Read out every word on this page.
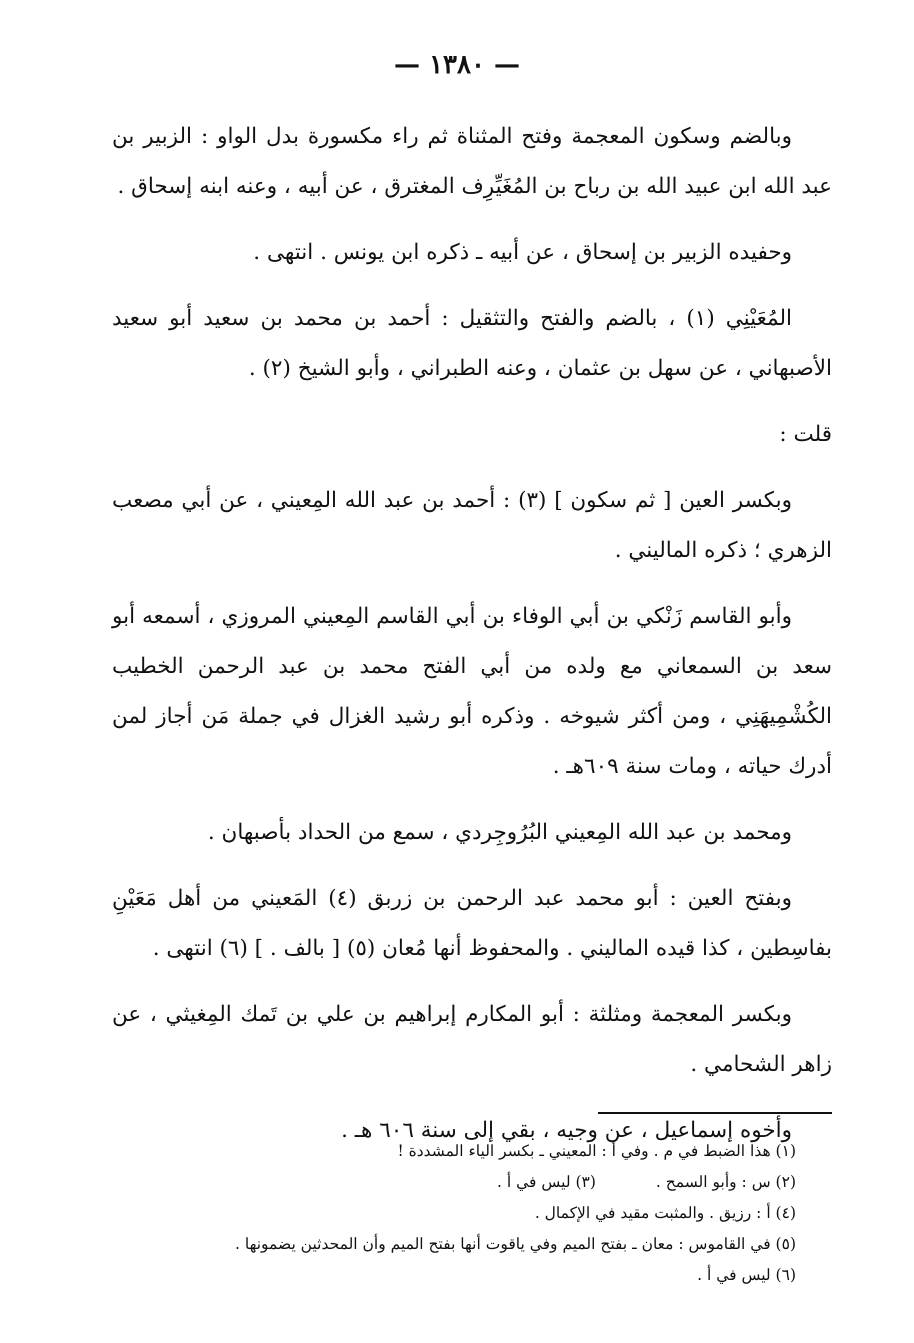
— ١٣٨٠ —

وبالضم وسكون المعجمة وفتح المثناة ثم راء مكسورة بدل الواو : الزبير بن عبد الله ابن عبيد الله بن رباح بن المُغَيِّرِف المغترق ، عن أبيه ، وعنه ابنه إسحاق .

وحفيده الزبير بن إسحاق ، عن أبيه ـ ذكره ابن يونس . انتهى .

المُعَيْنِي (١) ، بالضم والفتح والتثقيل : أحمد بن محمد بن سعيد أبو سعيد الأصبهاني ، عن سهل بن عثمان ، وعنه الطبراني ، وأبو الشيخ (٢) .

قلت :

وبكسر العين [ ثم سكون ] (٣) : أحمد بن عبد الله المِعيني ، عن أبي مصعب الزهري ؛ ذكره الماليني .

وأبو القاسم زَنْكي بن أبي الوفاء بن أبي القاسم المِعيني المروزي ، أسمعه أبو سعد بن السمعاني مع ولده من أبي الفتح محمد بن عبد الرحمن الخطيب الكُشْمِيهَنِي ، ومن أكثر شيوخه . وذكره أبو رشيد الغزال في جملة مَن أجاز لمن أدرك حياته ، ومات سنة ٦٠٩هـ .

ومحمد بن عبد الله المِعيني البُرُوجِردي ، سمع من الحداد بأصبهان .

وبفتح العين : أبو محمد عبد الرحمن بن زربق (٤) المَعيني من أهل مَعَيْنِ بفاسِطين ، كذا قيده الماليني . والمحفوظ أنها مُعان (٥) [ بالف . ] (٦) انتهى .

وبكسر المعجمة ومثلثة : أبو المكارم إبراهيم بن علي بن تَمك المِغيثي ، عن زاهر الشحامي .

وأخوه إسماعيل ، عن وجيه ، بقي إلى سنة ٦٠٦ هـ .

(١) هذا الضبط في م . وفي أ : المعيني ـ بكسر الياء المشددة !

(٢) س : وأبو السمح .(٣) ليس في أ .

(٤) أ : رزيق . والمثبت مقيد في الإكمال .

(٥) في القاموس : معان ـ بفتح الميم وفي ياقوت أنها بفتح الميم وأن المحدثين يضمونها .

(٦) ليس في أ .
